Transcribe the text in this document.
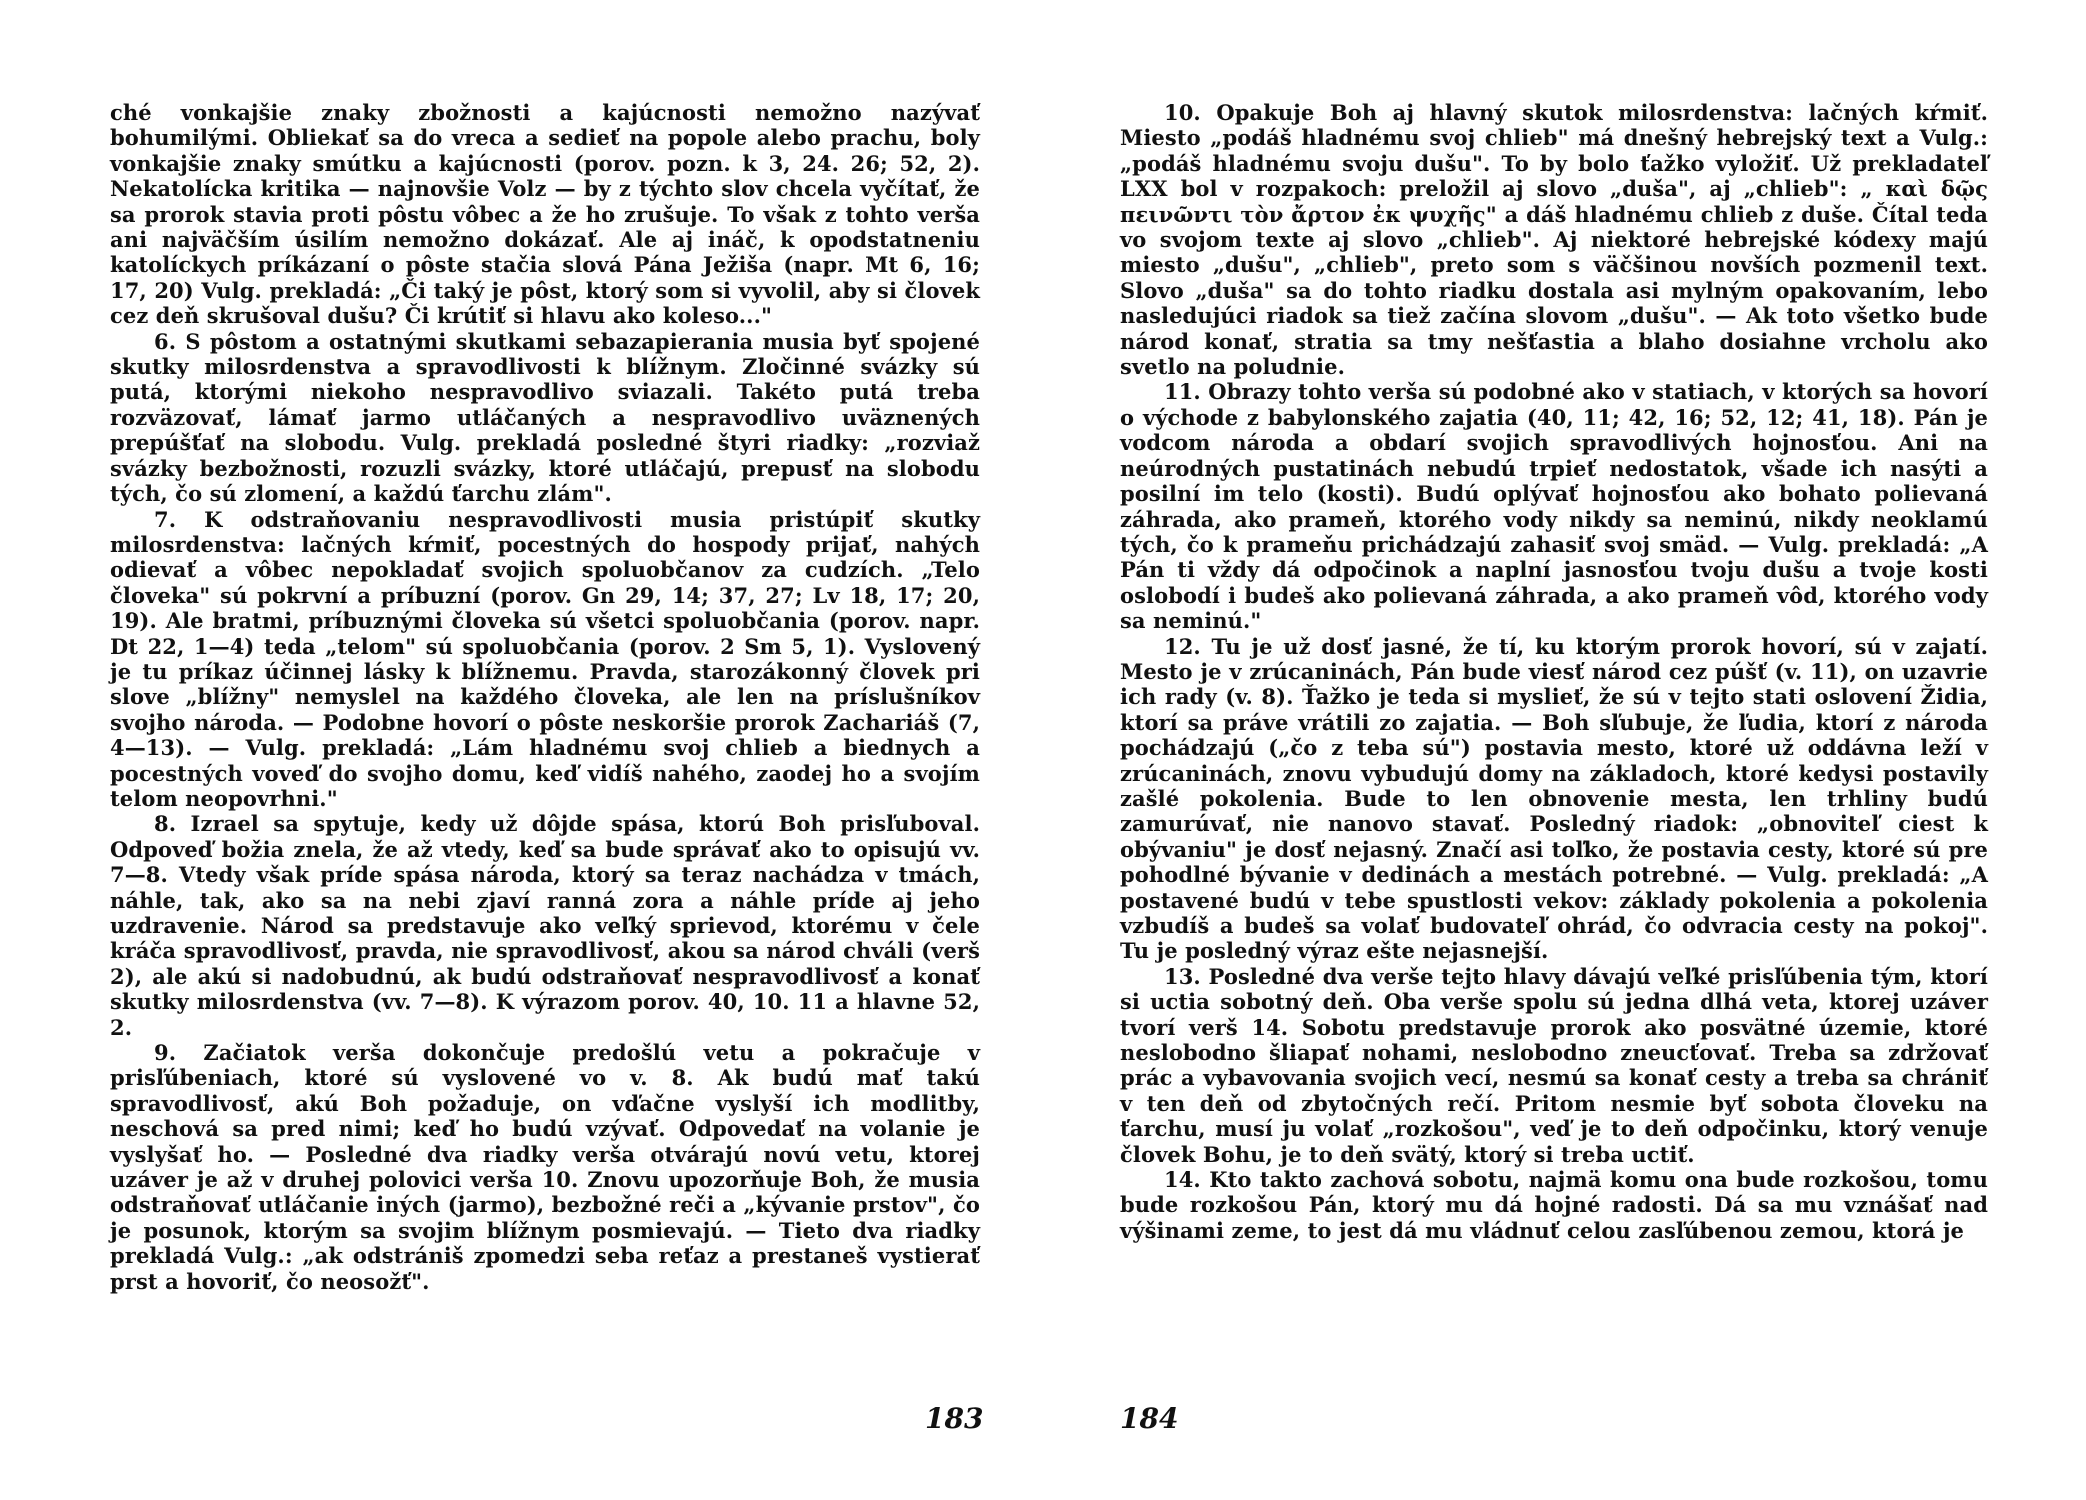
ché vonkajšie znaky zbožnosti a kajúcnosti nemožno nazývať bohumilými. Obliekať sa do vreca a sedieť na popole alebo prachu, boly vonkajšie znaky smútku a kajúcnosti (porov. pozn. k 3, 24. 26; 52, 2). Nekatolícka kritika — najnovšie Volz — by z týchto slov chcela vyčítať, že sa prorok stavia proti pôstu vôbec a že ho zrušuje. To však z tohto verša ani najväčším úsilím nemožno dokázať. Ale aj ináč, k opodstatneniu katolíckych príkázaní o pôste stačia slová Pána Ježiša (napr. Mt 6, 16; 17, 20) Vulg. prekladá: „Či taký je pôst, ktorý som si vyvolil, aby si človek cez deň skrušoval dušu? Či krútiť si hlavu ako koleso..."

6. S pôstom a ostatnými skutkami sebazapierania musia byť spojené skutky milosrdenstva a spravodlivosti k blížnym. Zločinné svázky sú putá, ktorými niekoho nespravodlivo sviazali. Takéto putá treba rozväzovať, lámať jarmo utláčaných a nespravodlivo uväznených prepúšťať na slobodu. Vulg. prekladá posledné štyri riadky: „rozviaž svázky bezbožnosti, rozuzli svázky, ktoré utláčajú, prepusť na slobodu tých, čo sú zlomení, a každú ťarchu zlám".

7. K odstraňovaniu nespravodlivosti musia pristúpiť skutky milosrdenstva: lačných kŕmiť, pocestných do hospody prijať, nahých odievať a vôbec nepokladať svojich spoluobčanov za cudzích. „Telo človeka" sú pokrvní a príbuzní (porov. Gn 29, 14; 37, 27; Lv 18, 17; 20, 19). Ale bratmi, príbuznými človeka sú všetci spoluobčania (porov. napr. Dt 22, 1—4) teda „telom" sú spoluobčania (porov. 2 Sm 5, 1). Vyslovený je tu príkaz účinnej lásky k blížnemu. Pravda, starozákonný človek pri slove „blížny" nemyslel na každého človeka, ale len na príslušníkov svojho národa. — Podobne hovorí o pôste neskoršie prorok Zachariáš (7, 4—13). — Vulg. prekladá: „Lám hladnému svoj chlieb a biednych a pocestných voveď do svojho domu, keď vidíš nahého, zaodej ho a svojím telom neopovrhni."

8. Izrael sa spytuje, kedy už dôjde spása, ktorú Boh prisľuboval. Odpoveď božia znela, že až vtedy, keď sa bude správať ako to opisujú vv. 7—8. Vtedy však príde spása národa, ktorý sa teraz nachádza v tmách, náhle, tak, ako sa na nebi zjaví ranná zora a náhle príde aj jeho uzdravenie. Národ sa predstavuje ako veľký sprievod, ktorému v čele kráča spravodlivosť, pravda, nie spravodlivosť, akou sa národ chváli (verš 2), ale akú si nadobudnú, ak budú odstraňovať nespravodlivosť a konať skutky milosrdenstva (vv. 7—8). K výrazom porov. 40, 10. 11 a hlavne 52, 2.

9. Začiatok verša dokončuje predošlú vetu a pokračuje v prisľúbeniach, ktoré sú vyslovené vo v. 8. Ak budú mať takú spravodlivosť, akú Boh požaduje, on vďačne vyslyší ich modlitby, neschová sa pred nimi; keď ho budú vzývať. Odpovedať na volanie je vyslyšať ho. — Posledné dva riadky verša otvárajú novú vetu, ktorej uzáver je až v druhej polovici verša 10. Znovu upozorňuje Boh, že musia odstraňovať utláčanie iných (jarmo), bezbožné reči a „kývanie prstov", čo je posunok, ktorým sa svojim blížnym posmievajú. — Tieto dva riadky prekladá Vulg.: „ak odstrániš zpomedzi seba reťaz a prestaneš vystierať prst a hovoriť, čo neosožť".

183

10. Opakuje Boh aj hlavný skutok milosrdenstva: lačných kŕmiť. Miesto „podáš hladnému svoj chlieb" má dnešný hebrejský text a Vulg.: „podáš hladnému svoju dušu". To by bolo ťažko vyložiť. Už prekladateľ LXX bol v rozpakoch: preložil aj slovo „duša", aj „chlieb": „ καὶ δῷς πεινῶντι τὸν ἄρτον ἐκ ψυχῆς" a dáš hladnému chlieb z duše. Čítal teda vo svojom texte aj slovo „chlieb". Aj niektoré hebrejské kódexy majú miesto „dušu", „chlieb", preto som s väčšinou novších pozmenil text. Slovo „duša" sa do tohto riadku dostala asi mylným opakovaním, lebo nasledujúci riadok sa tiež začína slovom „dušu". — Ak toto všetko bude národ konať, stratia sa tmy nešťastia a blaho dosiahne vrcholu ako svetlo na poludnie.

11. Obrazy tohto verša sú podobné ako v statiach, v ktorých sa hovorí o východe z babylonského zajatia (40, 11; 42, 16; 52, 12; 41, 18). Pán je vodcom národa a obdarí svojich spravodlivých hojnosťou. Ani na neúrodných pustatinách nebudú trpieť nedostatok, všade ich nasýti a posilní im telo (kosti). Budú oplývať hojnosťou ako bohato polievaná záhrada, ako prameň, ktorého vody nikdy sa neminú, nikdy neoklamú tých, čo k prameňu prichádzajú zahasiť svoj smäd. — Vulg. prekladá: „A Pán ti vždy dá odpočinok a naplní jasnosťou tvoju dušu a tvoje kosti oslobodí i budeš ako polievaná záhrada, a ako prameň vôd, ktorého vody sa neminú."

12. Tu je už dosť jasné, že tí, ku ktorým prorok hovorí, sú v zajatí. Mesto je v zrúcaninách, Pán bude viesť národ cez púšť (v. 11), on uzavrie ich rady (v. 8). Ťažko je teda si myslieť, že sú v tejto stati oslovení Židia, ktorí sa práve vrátili zo zajatia. — Boh sľubuje, že ľudia, ktorí z národa pochádzajú („čo z teba sú") postavia mesto, ktoré už oddávna leží v zrúcaninách, znovu vybudujú domy na základoch, ktoré kedysi postavily zašlé pokolenia. Bude to len obnovenie mesta, len trhliny budú zamurúvať, nie nanovo stavať. Posledný riadok: „obnoviteľ ciest k obývaniu" je dosť nejasný. Značí asi toľko, že postavia cesty, ktoré sú pre pohodlné bývanie v dedinách a mestách potrebné. — Vulg. prekladá: „A postavené budú v tebe spustlosti vekov: základy pokolenia a pokolenia vzbudíš a budeš sa volať budovateľ ohrád, čo odvracia cesty na pokoj". Tu je posledný výraz ešte nejasnejší.

13. Posledné dva verše tejto hlavy dávajú veľké prisľúbenia tým, ktorí si uctia sobotný deň. Oba verše spolu sú jedna dlhá veta, ktorej uzáver tvorí verš 14. Sobotu predstavuje prorok ako posvätné územie, ktoré neslobodno šliapať nohami, neslobodno zneucťovať. Treba sa zdržovať prác a vybavovania svojich vecí, nesmú sa konať cesty a treba sa chrániť v ten deň od zbytočných rečí. Pritom nesmie byť sobota človeku na ťarchu, musí ju volať „rozkošou", veď je to deň odpočinku, ktorý venuje človek Bohu, je to deň svätý, ktorý si treba uctiť.

14. Kto takto zachová sobotu, najmä komu ona bude rozkošou, tomu bude rozkošou Pán, ktorý mu dá hojné radosti. Dá sa mu vznášať nad výšinami zeme, to jest dá mu vládnuť celou zasľúbenou zemou, ktorá je

184
